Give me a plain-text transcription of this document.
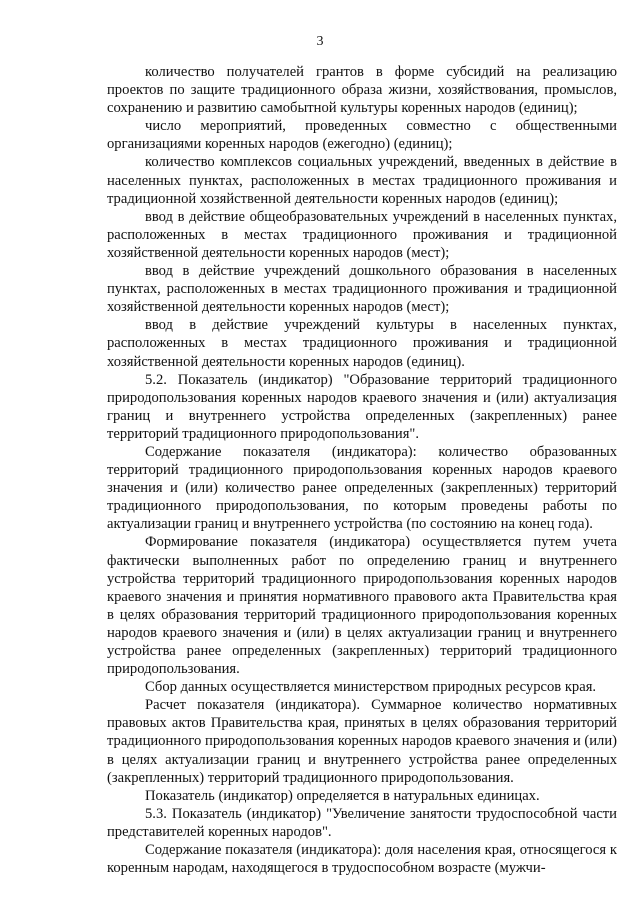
3

количество получателей грантов в форме субсидий на реализацию проектов по защите традиционного образа жизни, хозяйствования, промыслов, сохранению и развитию самобытной культуры коренных народов (единиц);

число мероприятий, проведенных совместно с общественными организациями коренных народов (ежегодно) (единиц);

количество комплексов социальных учреждений, введенных в действие в населенных пунктах, расположенных в местах традиционного проживания и традиционной хозяйственной деятельности коренных народов (единиц);

ввод в действие общеобразовательных учреждений в населенных пунктах, расположенных в местах традиционного проживания и традиционной хозяйственной деятельности коренных народов (мест);

ввод в действие учреждений дошкольного образования в населенных пунктах, расположенных в местах традиционного проживания и традиционной хозяйственной деятельности коренных народов (мест);

ввод в действие учреждений культуры в населенных пунктах, расположенных в местах традиционного проживания и традиционной хозяйственной деятельности коренных народов (единиц).

5.2. Показатель (индикатор) "Образование территорий традиционного природопользования коренных народов краевого значения и (или) актуализация границ и внутреннего устройства определенных (закрепленных) ранее территорий традиционного природопользования".

Содержание показателя (индикатора): количество образованных территорий традиционного природопользования коренных народов краевого значения и (или) количество ранее определенных (закрепленных) территорий традиционного природопользования, по которым проведены работы по актуализации границ и внутреннего устройства (по состоянию на конец года).

Формирование показателя (индикатора) осуществляется путем учета фактически выполненных работ по определению границ и внутреннего устройства территорий традиционного природопользования коренных народов краевого значения и принятия нормативного правового акта Правительства края в целях образования территорий традиционного природопользования коренных народов краевого значения и (или) в целях актуализации границ и внутреннего устройства ранее определенных (закрепленных) территорий традиционного природопользования.

Сбор данных осуществляется министерством природных ресурсов края.

Расчет показателя (индикатора). Суммарное количество нормативных правовых актов Правительства края, принятых в целях образования территорий традиционного природопользования коренных народов краевого значения и (или) в целях актуализации границ и внутреннего устройства ранее определенных (закрепленных) территорий традиционного природопользования.

Показатель (индикатор) определяется в натуральных единицах.

5.3. Показатель (индикатор) "Увеличение занятости трудоспособной части представителей коренных народов".

Содержание показателя (индикатора): доля населения края, относящегося к коренным народам, находящегося в трудоспособном возрасте (мужчи-
